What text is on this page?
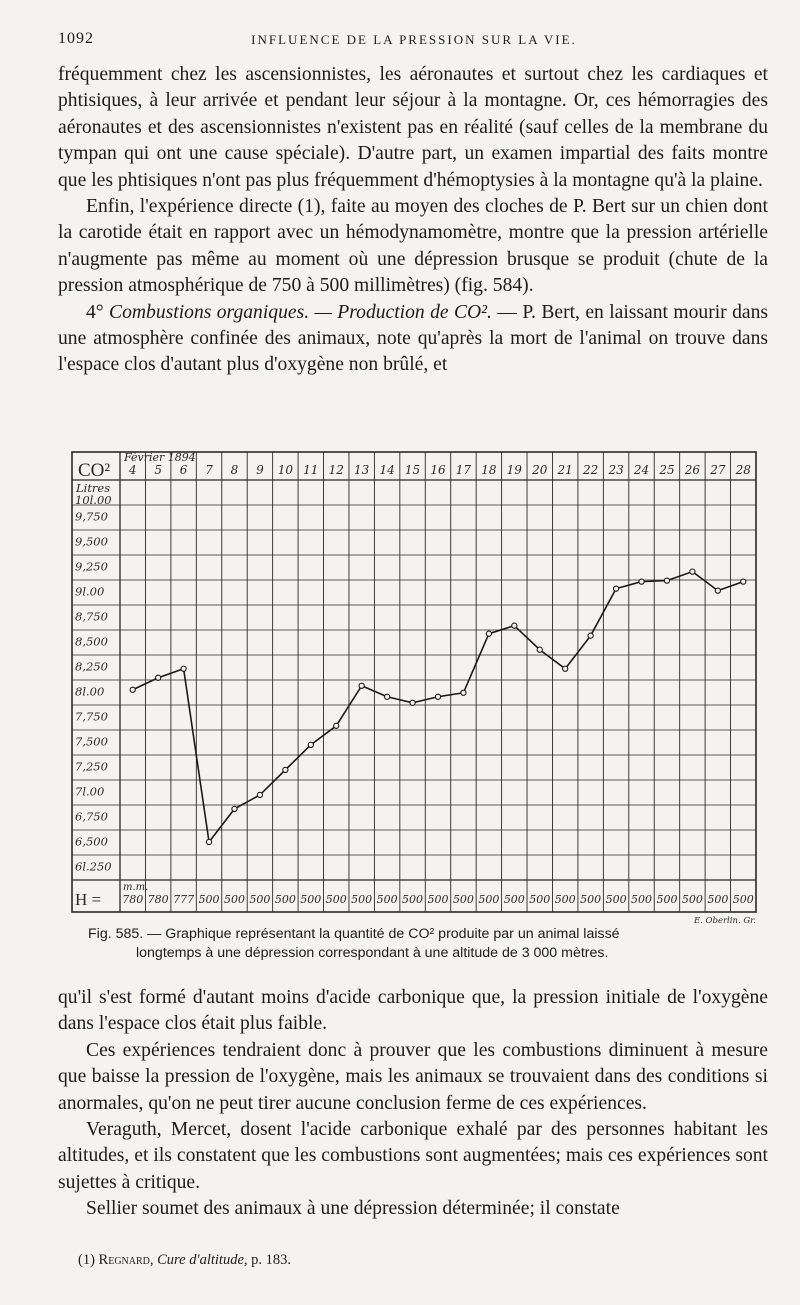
1092	INFLUENCE DE LA PRESSION SUR LA VIE.

fréquemment chez les ascensionnistes, les aéronautes et surtout chez les cardiaques et phtisiques, à leur arrivée et pendant leur séjour à la montagne. Or, ces hémorragies des aéronautes et des ascensionnistes n'existent pas en réalité (sauf celles de la membrane du tympan qui ont une cause spéciale). D'autre part, un examen impartial des faits montre que les phtisiques n'ont pas plus fréquemment d'hémoptysies à la montagne qu'à la plaine.

Enfin, l'expérience directe (1), faite au moyen des cloches de P. Bert sur un chien dont la carotide était en rapport avec un hémodynamomètre, montre que la pression artérielle n'augmente pas même au moment où une dépression brusque se produit (chute de la pression atmosphérique de 750 à 500 millimètres) (fig. 584).

4° Combustions organiques. — Production de CO². — P. Bert, en laissant mourir dans une atmosphère confinée des animaux, note qu'après la mort de l'animal on trouve dans l'espace clos d'autant plus d'oxygène non brûlé, et

CO²
Février 1894
4 5 6 7 8 9 10 11 12 13 14 15 16 17 18 19 20 21 22 23 24 25 26 27 28
Litres
10l.00
9,750
9,500
9,250
9l.00
8,750
8,500
8,250
8l.00
7,750
7,500
7,250
7l.00
6,750
6,500
6l.250
H =
m.m.
780 780 777 500 500 500 500 500 500 500 500 500 500 500 500 500 500 500 500 500 500 500 500 500 500
E. Oberlin. Gr.

Fig. 585. — Graphique représentant la quantité de CO² produite par un animal laissé

longtemps à une dépression correspondant à une altitude de 3 000 mètres.

qu'il s'est formé d'autant moins d'acide carbonique que, la pression initiale de l'oxygène dans l'espace clos était plus faible.

Ces expériences tendraient donc à prouver que les combustions diminuent à mesure que baisse la pression de l'oxygène, mais les animaux se trouvaient dans des conditions si anormales, qu'on ne peut tirer aucune conclusion ferme de ces expériences.

Veraguth, Mercet, dosent l'acide carbonique exhalé par des personnes habitant les altitudes, et ils constatent que les combustions sont augmentées; mais ces expériences sont sujettes à critique.

Sellier soumet des animaux à une dépression déterminée; il constate

(1) Regnard, Cure d'altitude, p. 183.
